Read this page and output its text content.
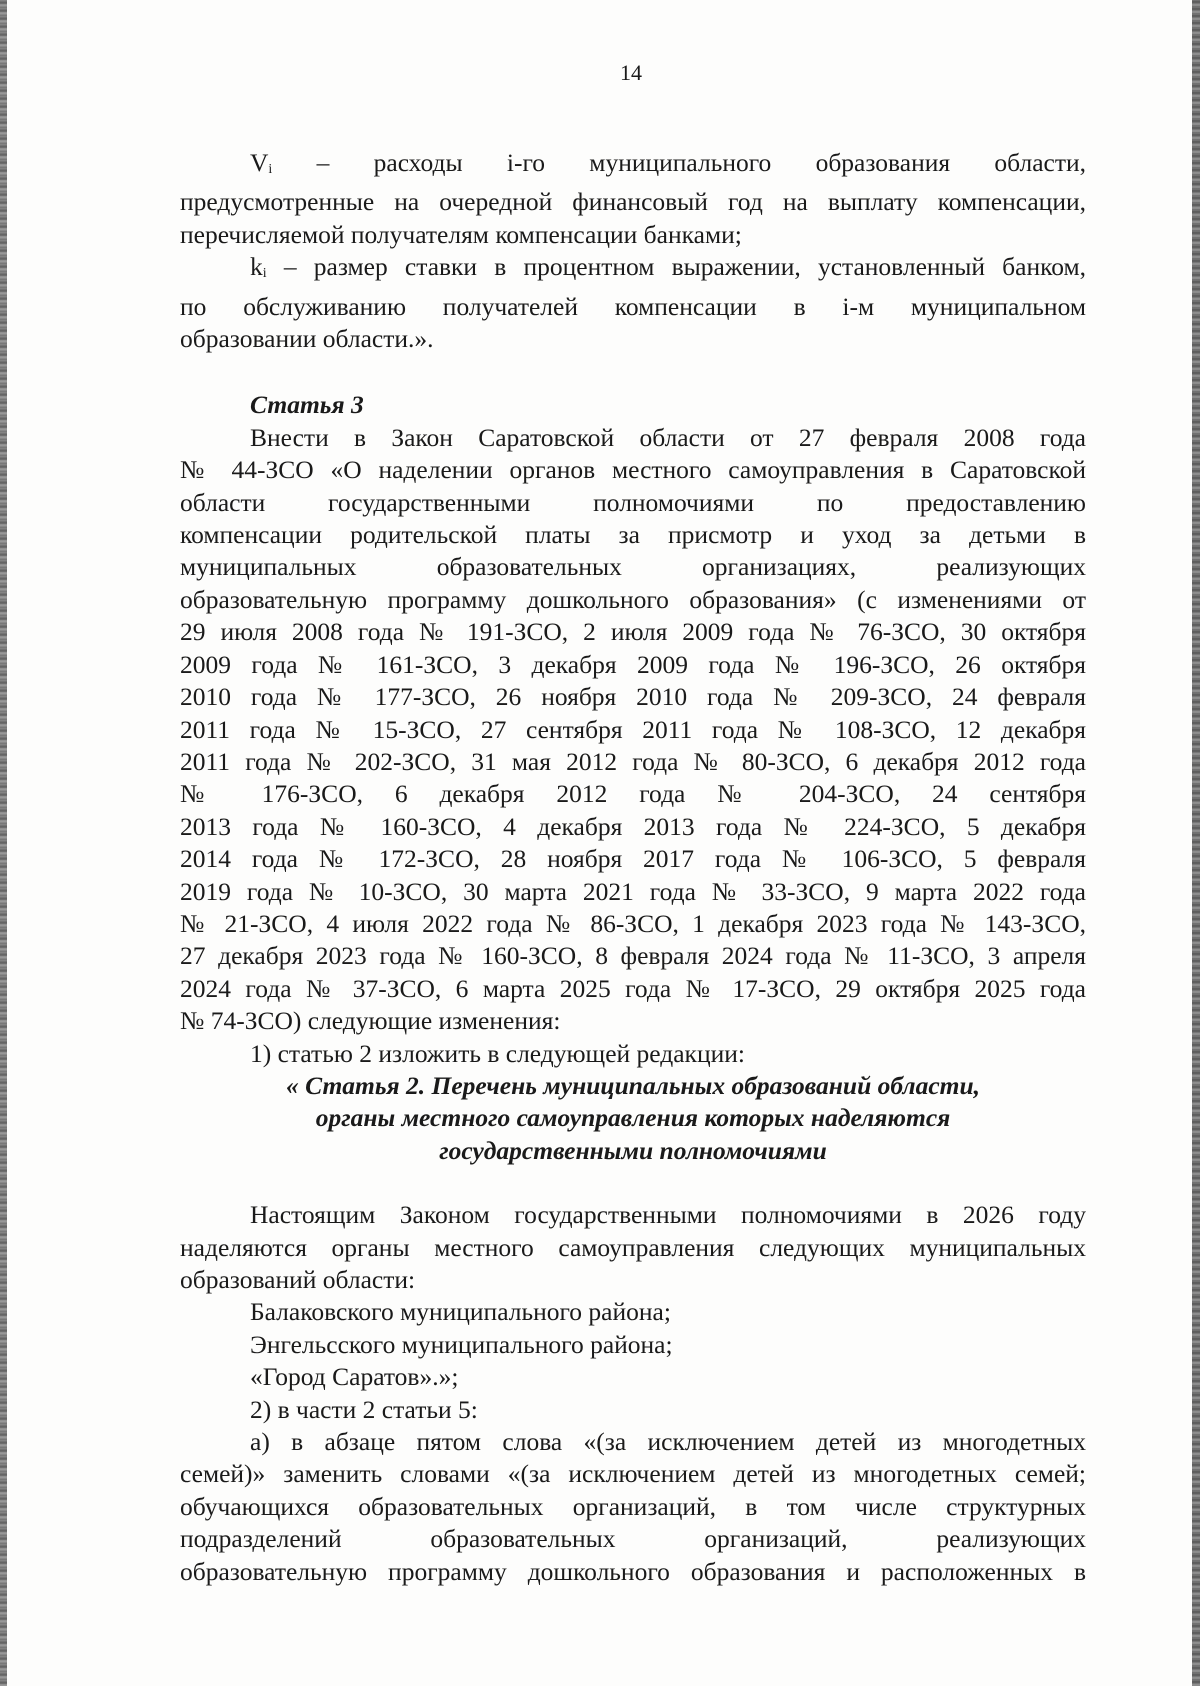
14

$V_i$ – расходы i-го муниципального образования области,
предусмотренные на очередной финансовый год на выплату компенсации,
перечисляемой получателям компенсации банками;

$k_i$ – размер ставки в процентном выражении, установленный банком,
по обслуживанию получателей компенсации в i-м муниципальном
образовании области.».

Статья 3

Внести в Закон Саратовской области от 27 февраля 2008 года
№ 44-ЗСО «О наделении органов местного самоуправления в Саратовской
области государственными полномочиями по предоставлению
компенсации родительской платы за присмотр и уход за детьми в
муниципальных образовательных организациях, реализующих
образовательную программу дошкольного образования» (с изменениями от
29 июля 2008 года № 191-ЗСО, 2 июля 2009 года № 76-ЗСО, 30 октября
2009 года № 161-ЗСО, 3 декабря 2009 года № 196-ЗСО, 26 октября
2010 года № 177-ЗСО, 26 ноября 2010 года № 209-ЗСО, 24 февраля
2011 года № 15-ЗСО, 27 сентября 2011 года № 108-ЗСО, 12 декабря
2011 года № 202-ЗСО, 31 мая 2012 года № 80-ЗСО, 6 декабря 2012 года
№ 176-ЗСО, 6 декабря 2012 года № 204-ЗСО, 24 сентября
2013 года № 160-ЗСО, 4 декабря 2013 года № 224-ЗСО, 5 декабря
2014 года № 172-ЗСО, 28 ноября 2017 года № 106-ЗСО, 5 февраля
2019 года № 10-ЗСО, 30 марта 2021 года № 33-ЗСО, 9 марта 2022 года
№ 21-ЗСО, 4 июля 2022 года № 86-ЗСО, 1 декабря 2023 года № 143-ЗСО,
27 декабря 2023 года № 160-ЗСО, 8 февраля 2024 года № 11-ЗСО, 3 апреля
2024 года № 37-ЗСО, 6 марта 2025 года № 17-ЗСО, 29 октября 2025 года
№ 74-ЗСО) следующие изменения:

1) статью 2 изложить в следующей редакции:
« Статья 2. Перечень муниципальных образований области,
органы местного самоуправления которых наделяются
государственными полномочиями

Настоящим Законом государственными полномочиями в 2026 году
наделяются органы местного самоуправления следующих муниципальных
образований области:

Балаковского муниципального района;
Энгельсского муниципального района;
«Город Саратов».»;
2) в части 2 статьи 5:

а) в абзаце пятом слова «(за исключением детей из многодетных
семей)» заменить словами «(за исключением детей из многодетных семей;
обучающихся образовательных организаций, в том числе структурных
подразделений образовательных организаций, реализующих
образовательную программу дошкольного образования и расположенных в
